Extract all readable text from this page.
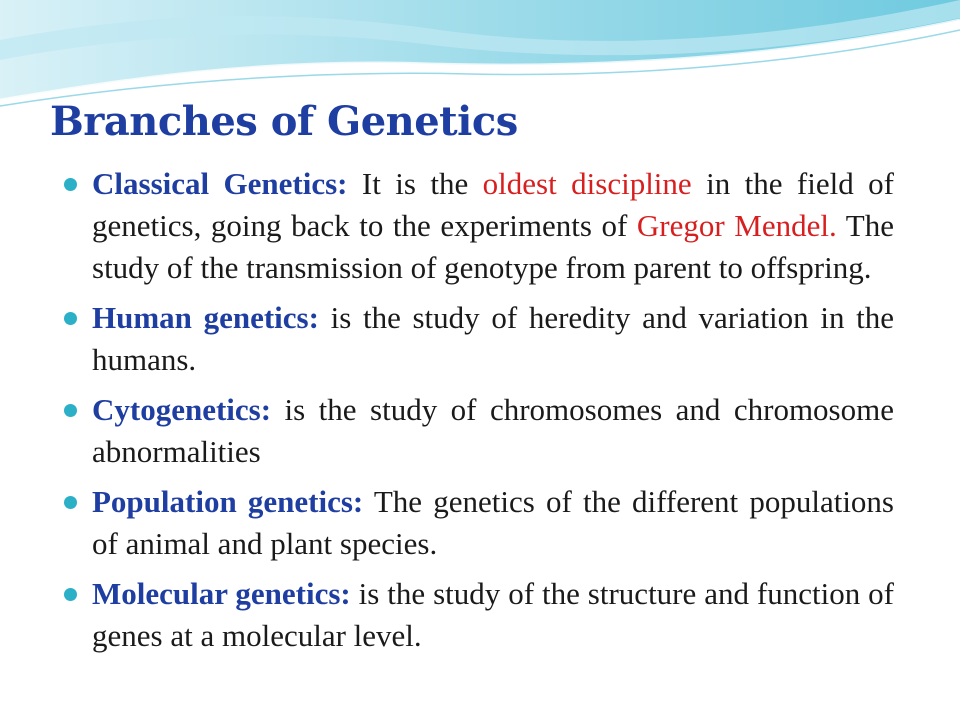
Branches of Genetics
Classical Genetics: It is the oldest discipline in the field of genetics, going back to the experiments of Gregor Mendel. The study of the transmission of genotype from parent to offspring.
Human genetics: is the study of heredity and variation in the humans.
Cytogenetics: is the study of chromosomes and chromosome abnormalities
Population genetics: The genetics of the different populations of animal and plant species.
Molecular genetics: is the study of the structure and function of genes at a molecular level.
